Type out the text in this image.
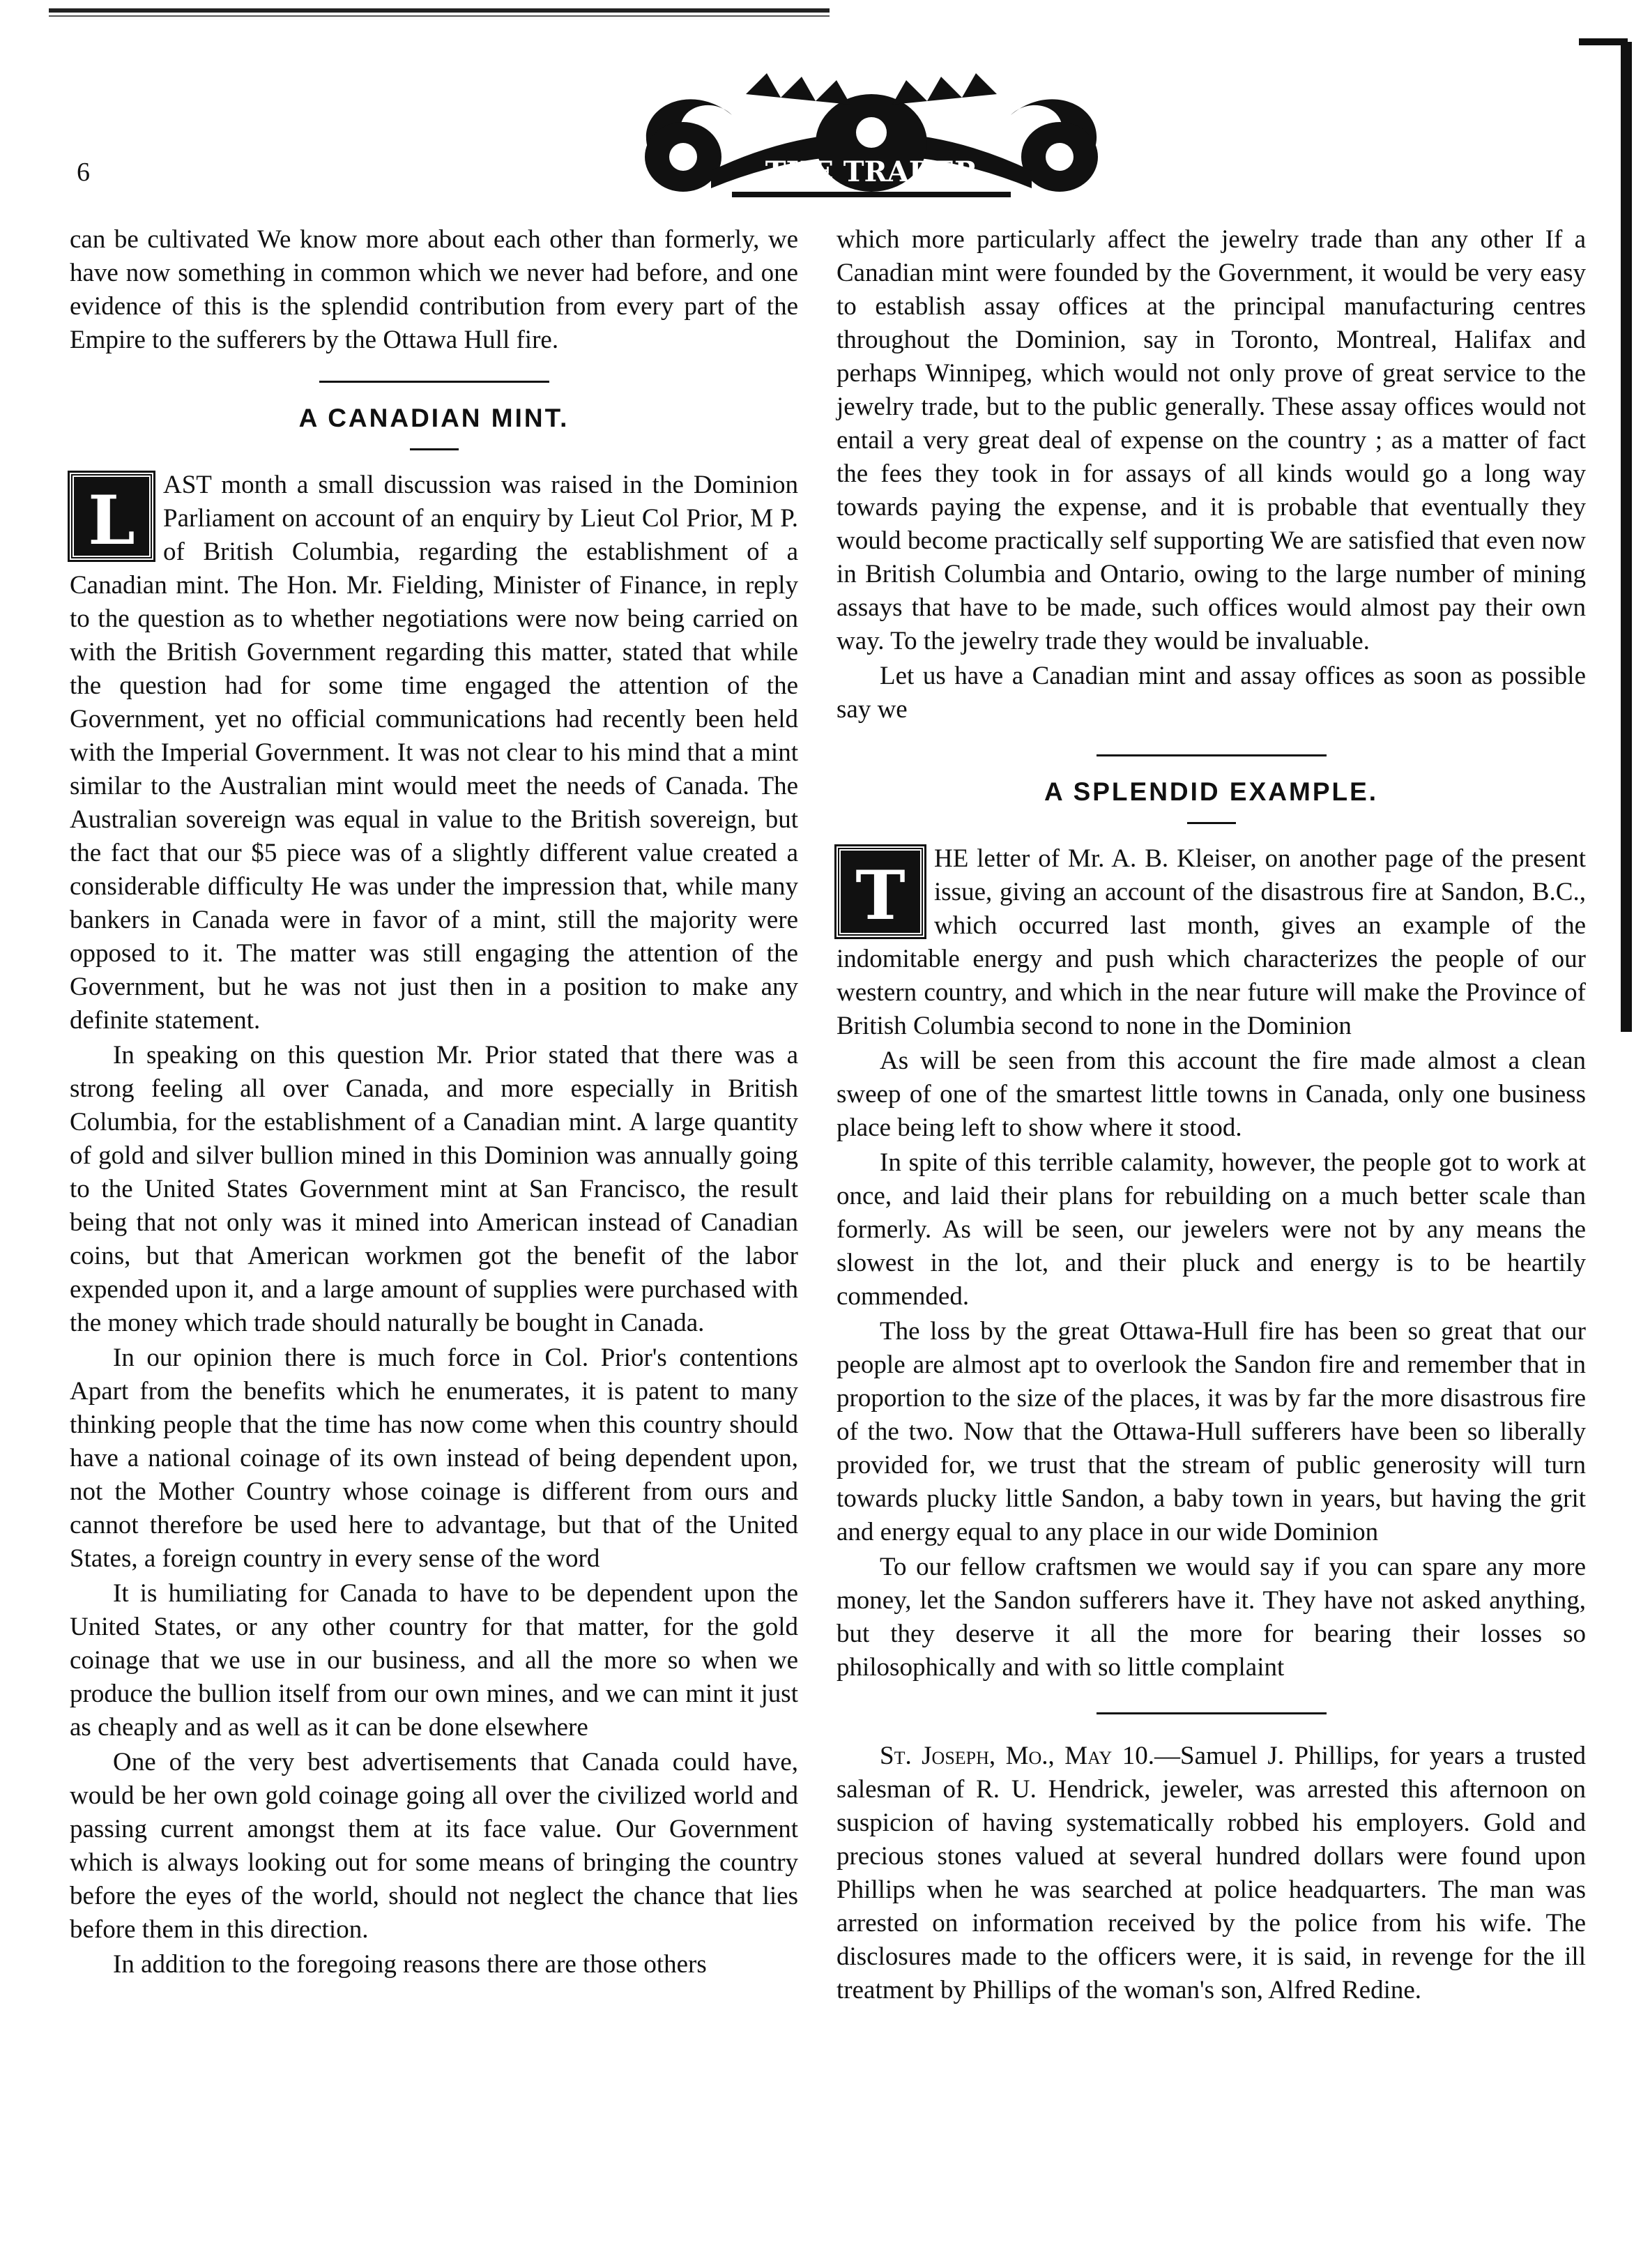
6	THE TRADER

can be cultivated We know more about each other than formerly, we have now something in common which we never had before, and one evidence of this is the splendid contribution from every part of the Empire to the sufferers by the Ottawa Hull fire.

A CANADIAN MINT.
L	AST month a small discussion was raised in the Dominion Parliament on account of an enquiry by Lieut Col Prior, M P. of British Columbia, regarding the establishment of a Canadian mint. The Hon. Mr. Fielding, Minister of Finance, in reply to the question as to whether negotiations were now being carried on with the British Government regarding this matter, stated that while the question had for some time engaged the attention of the Government, yet no official communications had recently been held with the Imperial Government. It was not clear to his mind that a mint similar to the Australian mint would meet the needs of Canada. The Australian sovereign was equal in value to the British sovereign, but the fact that our $5 piece was of a slightly different value created a considerable difficulty He was under the impression that, while many bankers in Canada were in favor of a mint, still the majority were opposed to it. The matter was still engaging the attention of the Government, but he was not just then in a position to make any definite statement.

In speaking on this question Mr. Prior stated that there was a strong feeling all over Canada, and more especially in British Columbia, for the establishment of a Canadian mint. A large quantity of gold and silver bullion mined in this Dominion was annually going to the United States Government mint at San Francisco, the result being that not only was it mined into American instead of Canadian coins, but that American workmen got the benefit of the labor expended upon it, and a large amount of supplies were purchased with the money which trade should naturally be bought in Canada.

In our opinion there is much force in Col. Prior's contentions Apart from the benefits which he enumerates, it is patent to many thinking people that the time has now come when this country should have a national coinage of its own instead of being dependent upon, not the Mother Country whose coinage is different from ours and cannot therefore be used here to advantage, but that of the United States, a foreign country in every sense of the word

It is humiliating for Canada to have to be dependent upon the United States, or any other country for that matter, for the gold coinage that we use in our business, and all the more so when we produce the bullion itself from our own mines, and we can mint it just as cheaply and as well as it can be done elsewhere

One of the very best advertisements that Canada could have, would be her own gold coinage going all over the civilized world and passing current amongst them at its face value. Our Government which is always looking out for some means of bringing the country before the eyes of the world, should not neglect the chance that lies before them in this direction.

In addition to the foregoing reasons there are those others

which more particularly affect the jewelry trade than any other If a Canadian mint were founded by the Government, it would be very easy to establish assay offices at the principal manufacturing centres throughout the Dominion, say in Toronto, Montreal, Halifax and perhaps Winnipeg, which would not only prove of great service to the jewelry trade, but to the public generally. These assay offices would not entail a very great deal of expense on the country ; as a matter of fact the fees they took in for assays of all kinds would go a long way towards paying the expense, and it is probable that eventually they would become practically self supporting We are satisfied that even now in British Columbia and Ontario, owing to the large number of mining assays that have to be made, such offices would almost pay their own way. To the jewelry trade they would be invaluable.

Let us have a Canadian mint and assay offices as soon as possible say we

A SPLENDID EXAMPLE.
T	HE letter of Mr. A. B. Kleiser, on another page of the present issue, giving an account of the disastrous fire at Sandon, B.C., which occurred last month, gives an example of the indomitable energy and push which characterizes the people of our western country, and which in the near future will make the Province of British Columbia second to none in the Dominion

As will be seen from this account the fire made almost a clean sweep of one of the smartest little towns in Canada, only one business place being left to show where it stood.

In spite of this terrible calamity, however, the people got to work at once, and laid their plans for rebuilding on a much better scale than formerly. As will be seen, our jewelers were not by any means the slowest in the lot, and their pluck and energy is to be heartily commended.

The loss by the great Ottawa-Hull fire has been so great that our people are almost apt to overlook the Sandon fire and remember that in proportion to the size of the places, it was by far the more disastrous fire of the two. Now that the Ottawa-Hull sufferers have been so liberally provided for, we trust that the stream of public generosity will turn towards plucky little Sandon, a baby town in years, but having the grit and energy equal to any place in our wide Dominion

To our fellow craftsmen we would say if you can spare any more money, let the Sandon sufferers have it. They have not asked anything, but they deserve it all the more for bearing their losses so philosophically and with so little complaint

St. Joseph, Mo., May 10.—Samuel J. Phillips, for years a trusted salesman of R. U. Hendrick, jeweler, was arrested this afternoon on suspicion of having systematically robbed his employers. Gold and precious stones valued at several hundred dollars were found upon Phillips when he was searched at police headquarters. The man was arrested on information received by the police from his wife. The disclosures made to the officers were, it is said, in revenge for the ill treatment by Phillips of the woman's son, Alfred Redine.
